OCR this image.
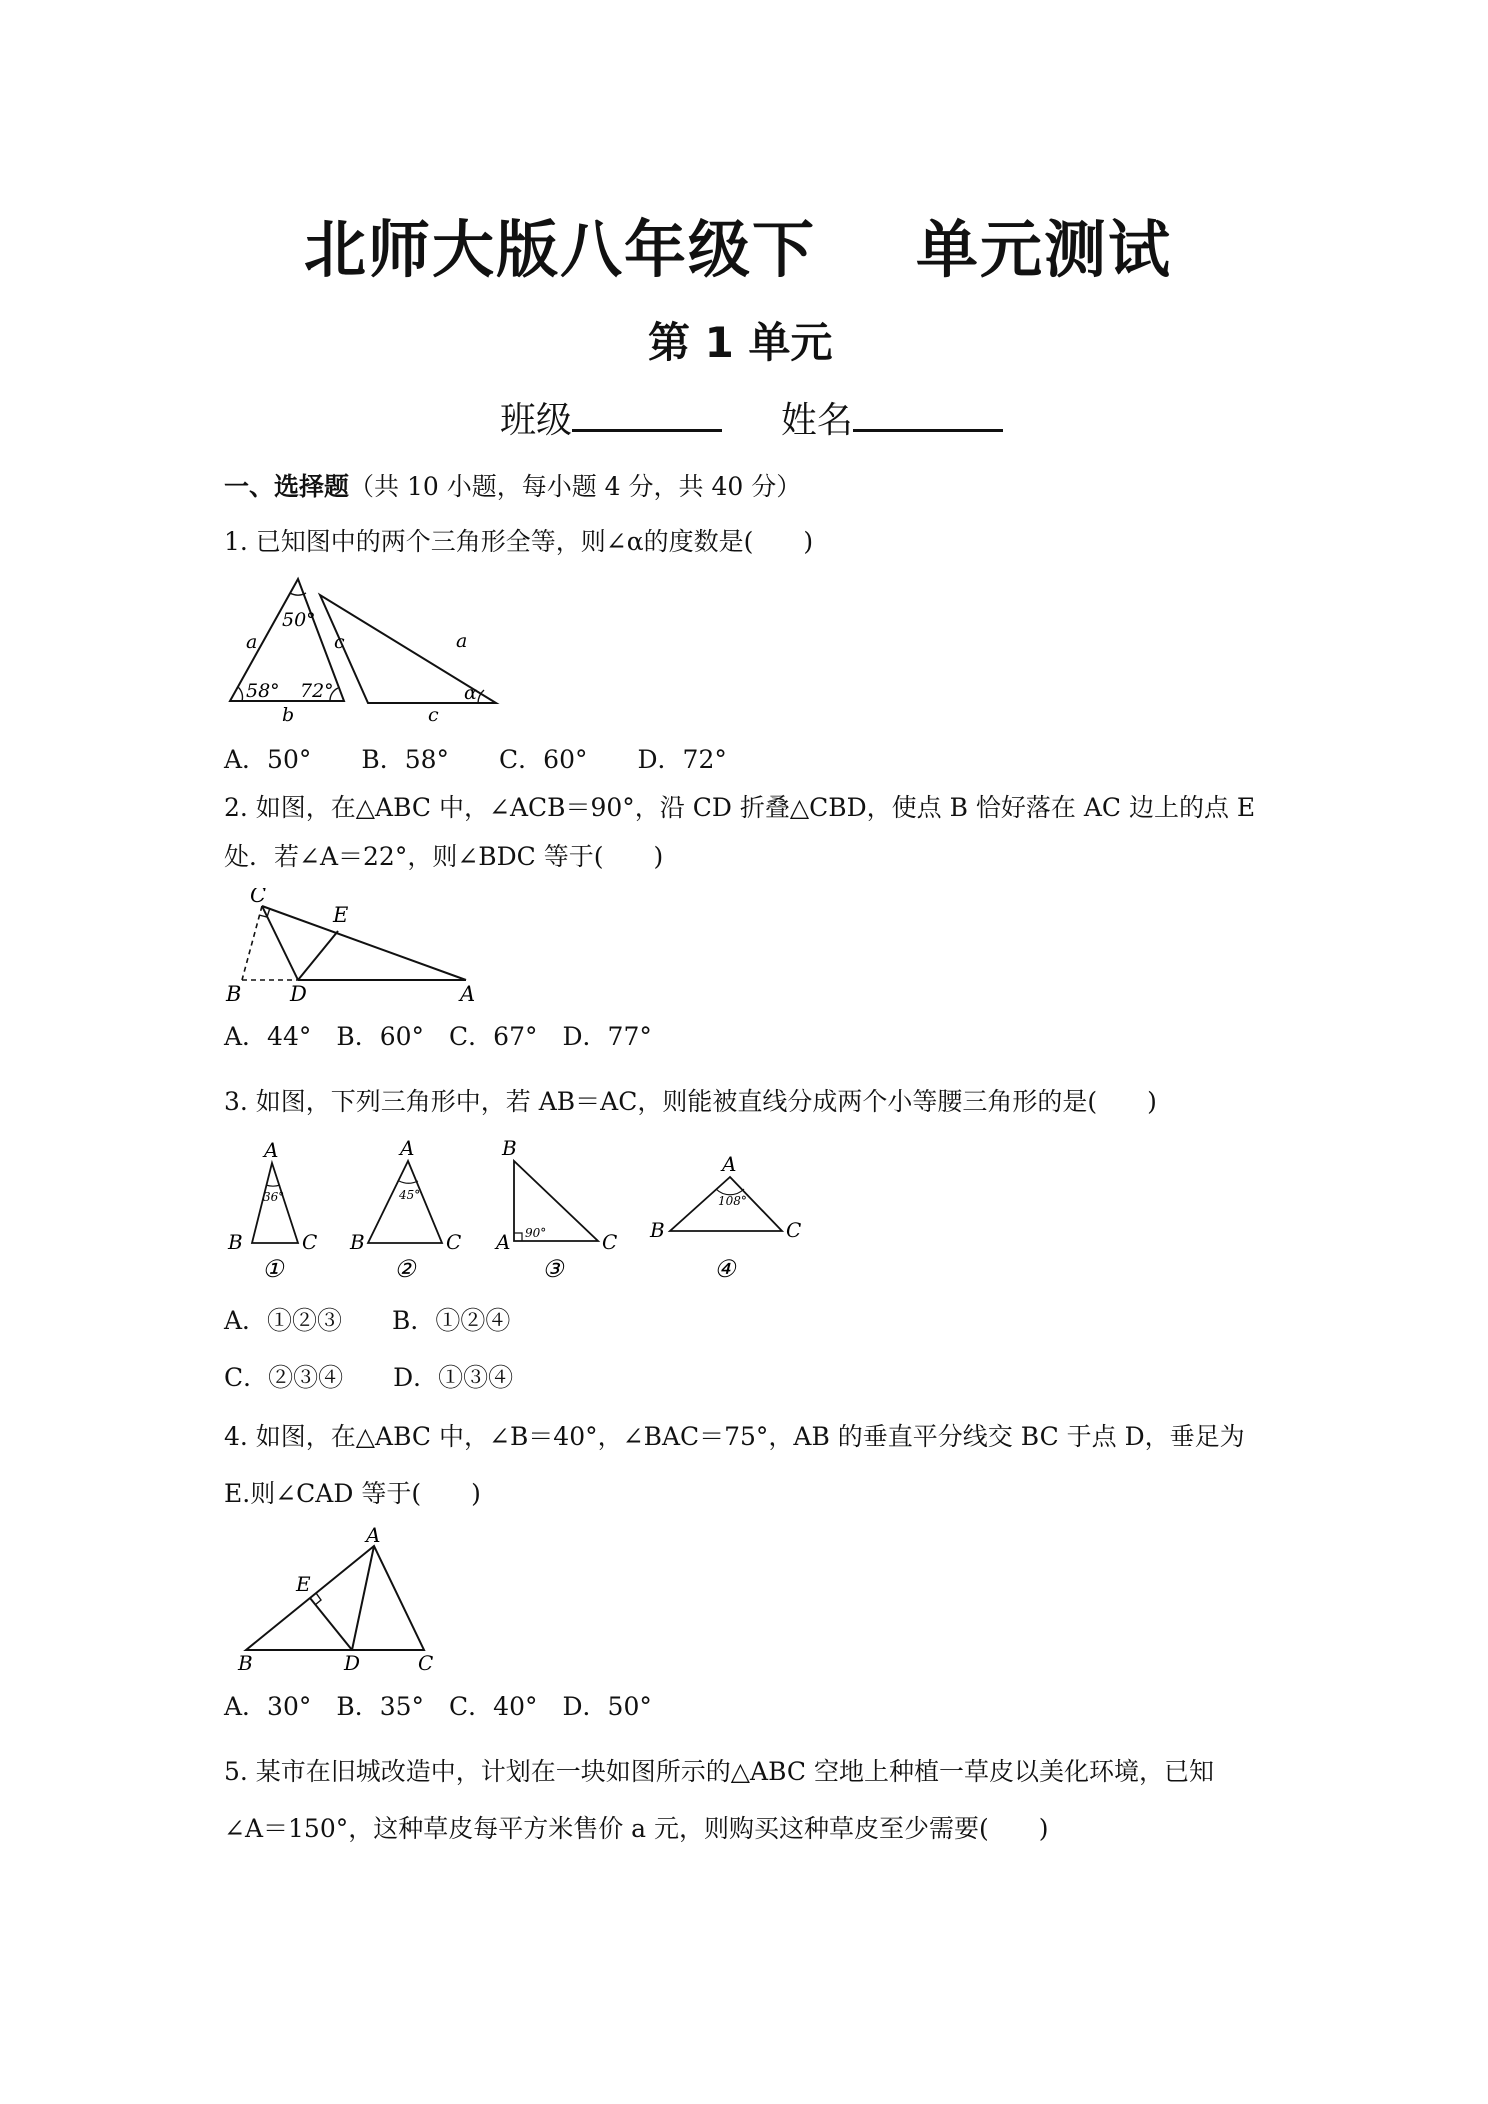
北师大版八年级下 单元测试
第 1 单元
班级	姓名
一、选择题（共 10 小题，每小题 4 分，共 40 分）
1. 已知图中的两个三角形全等，则∠α的度数是(　　)
50°
a	c
58° 72°
b
a
c
α
A．50°　　B．58°　　C．60°　　D．72°
2. 如图，在△ABC 中，∠ACB＝90°，沿 CD 折叠△CBD，使点 B 恰好落在 AC 边上的点 E
处．若∠A＝22°，则∠BDC 等于(　　)
C
E
B D	A
A．44°　B．60°　C．67°　D．77°
3. 如图，下列三角形中，若 AB＝AC，则能被直线分成两个小等腰三角形的是(　　)
A
36°
B	C
①
A
45°
B	C
②
B
90°
A	C
③
A
108°
B	C
④
A．①②③　　B．①②④
C．②③④　　D．①③④
4. 如图，在△ABC 中，∠B＝40°，∠BAC＝75°，AB 的垂直平分线交 BC 于点 D，垂足为
E.则∠CAD 等于(　　)
A
E
B	D	C
A．30°　B．35°　C．40°　D．50°
5. 某市在旧城改造中，计划在一块如图所示的△ABC 空地上种植一草皮以美化环境，已知
∠A＝150°，这种草皮每平方米售价 a 元，则购买这种草皮至少需要(　　)
